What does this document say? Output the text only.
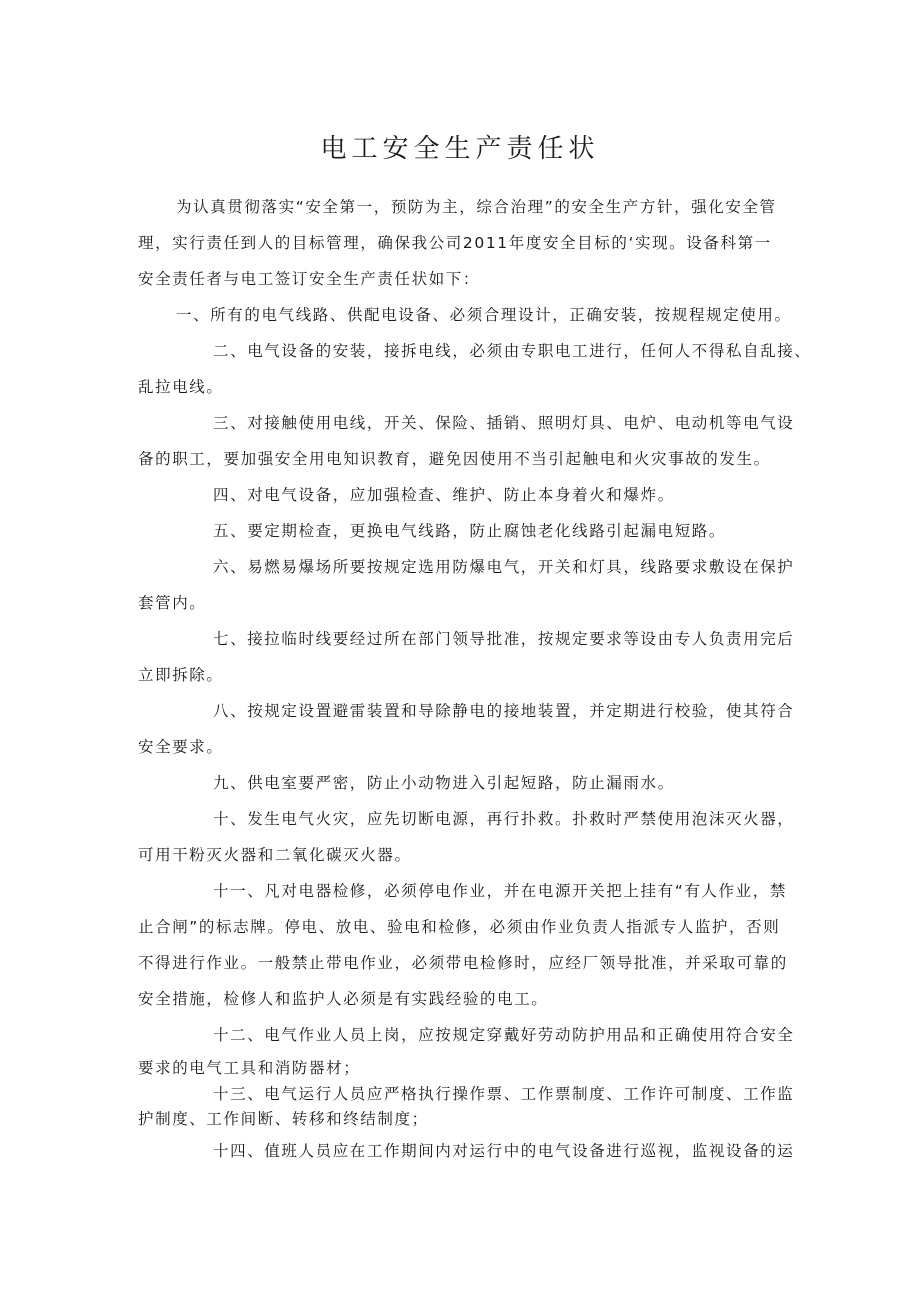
电工安全生产责任状
为认真贯彻落实“安全第一，预防为主，综合治理”的安全生产方针，强化安全管
理，实行责任到人的目标管理，确保我公司2011年度安全目标的‘实现。设备科第一
安全责任者与电工签订安全生产责任状如下：
一、所有的电气线路、供配电设备、必须合理设计，正确安装，按规程规定使用。
二、电气设备的安装，接拆电线，必须由专职电工进行，任何人不得私自乱接、
乱拉电线。
三、对接触使用电线，开关、保险、插销、照明灯具、电炉、电动机等电气设
备的职工，要加强安全用电知识教育，避免因使用不当引起触电和火灾事故的发生。
四、对电气设备，应加强检查、维护、防止本身着火和爆炸。
五、要定期检查，更换电气线路，防止腐蚀老化线路引起漏电短路。
六、易燃易爆场所要按规定选用防爆电气，开关和灯具，线路要求敷设在保护
套管内。
七、接拉临时线要经过所在部门领导批准，按规定要求等设由专人负责用完后
立即拆除。
八、按规定设置避雷装置和导除静电的接地装置，并定期进行校验，使其符合
安全要求。
九、供电室要严密，防止小动物进入引起短路，防止漏雨水。
十、发生电气火灾，应先切断电源，再行扑救。扑救时严禁使用泡沫灭火器，
可用干粉灭火器和二氧化碳灭火器。
十一、凡对电器检修，必须停电作业，并在电源开关把上挂有“有人作业，禁
止合闸”的标志牌。停电、放电、验电和检修，必须由作业负责人指派专人监护，否则
不得进行作业。一般禁止带电作业，必须带电检修时，应经厂领导批准，并采取可靠的
安全措施，检修人和监护人必须是有实践经验的电工。
十二、电气作业人员上岗，应按规定穿戴好劳动防护用品和正确使用符合安全
要求的电气工具和消防器材；
十三、电气运行人员应严格执行操作票、工作票制度、工作许可制度、工作监
护制度、工作间断、转移和终结制度；
十四、值班人员应在工作期间内对运行中的电气设备进行巡视，监视设备的运
